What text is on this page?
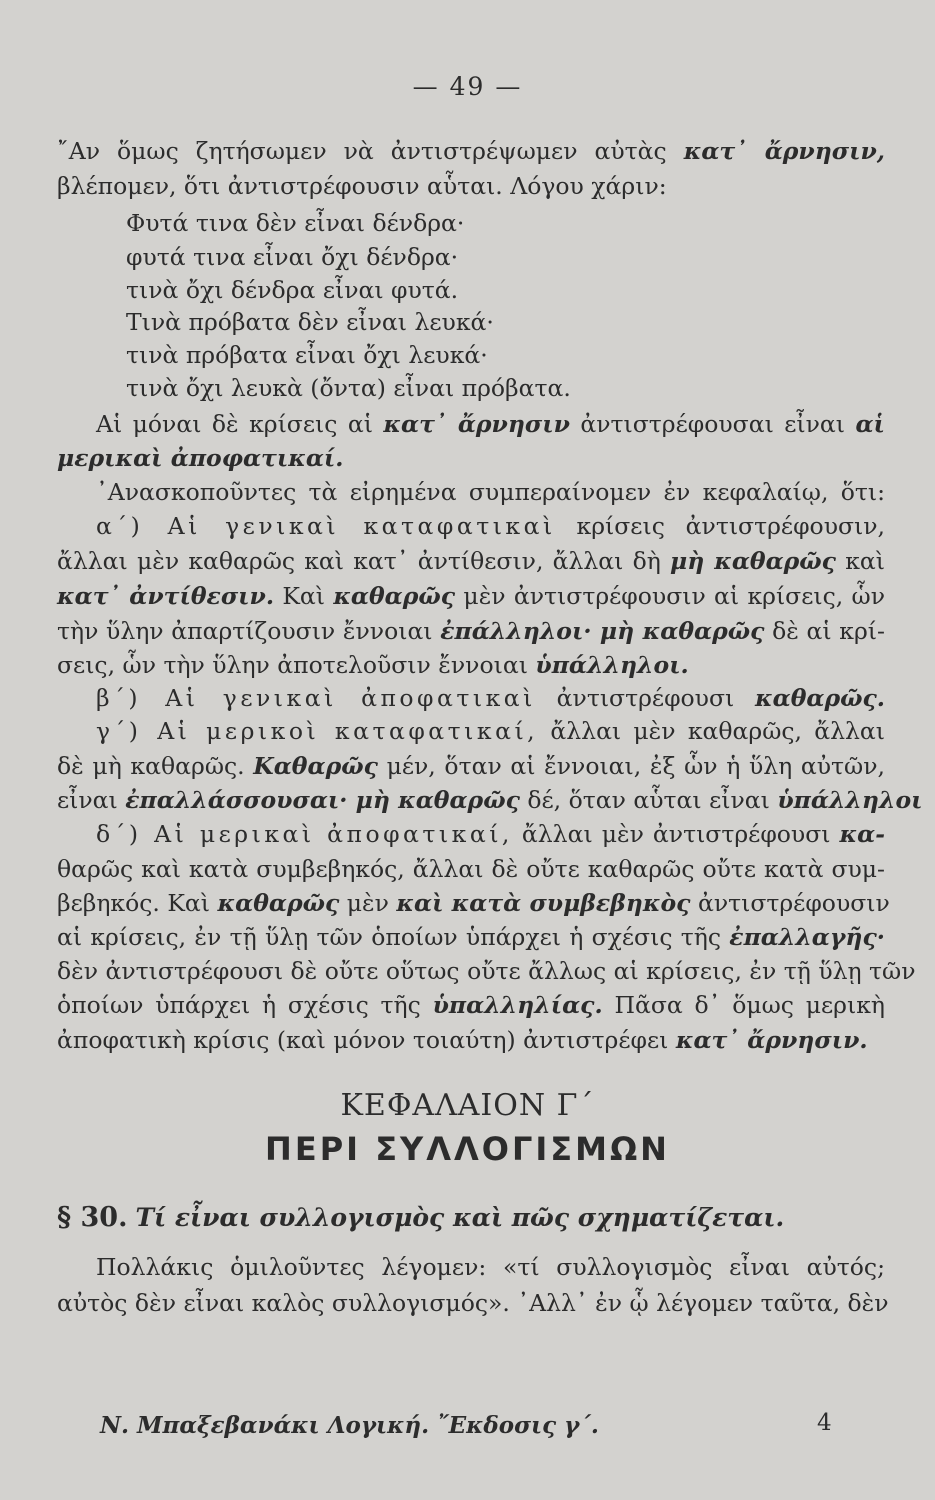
— 49 —
῎Αν ὅμως ζητήσωμεν νὰ ἀντιστρέψωμεν αὐτὰς κατ᾽ ἄρνησιν,
βλέπομεν, ὅτι ἀντιστρέφουσιν αὗται. Λόγου χάριν:
Φυτά τινα δὲν εἶναι δένδρα·
φυτά τινα εἶναι ὄχι δένδρα·
τινὰ ὄχι δένδρα εἶναι φυτά.
Τινὰ πρόβατα δὲν εἶναι λευκά·
τινὰ πρόβατα εἶναι ὄχι λευκά·
τινὰ ὄχι λευκὰ (ὄντα) εἶναι πρόβατα.
Αἱ μόναι δὲ κρίσεις αἱ κατ᾽ ἄρνησιν ἀντιστρέφουσαι εἶναι αἱ
μερικαὶ ἀποφατικαί.
᾽Ανασκοποῦντες τὰ εἰρημένα συμπεραίνομεν ἐν κεφαλαίῳ, ὅτι:
α΄) Αἱ γενικαὶ καταφατικαὶ κρίσεις ἀντιστρέφουσιν,
ἄλλαι μὲν καθαρῶς καὶ κατ᾽ ἀντίθεσιν, ἄλλαι δὴ μὴ καθαρῶς καὶ
κατ᾽ ἀντίθεσιν. Καὶ καθαρῶς μὲν ἀντιστρέφουσιν αἱ κρίσεις, ὧν
τὴν ὕλην ἀπαρτίζουσιν ἔννοιαι ἐπάλληλοι· μὴ καθαρῶς δὲ αἱ κρί-
σεις, ὧν τὴν ὕλην ἀποτελοῦσιν ἔννοιαι ὑπάλληλοι.
β΄) Αἱ γενικαὶ ἀποφατικαὶ ἀντιστρέφουσι καθαρῶς.
γ΄) Αἱ μερικοὶ καταφατικαί, ἄλλαι μὲν καθαρῶς, ἄλλαι
δὲ μὴ καθαρῶς. Καθαρῶς μέν, ὅταν αἱ ἔννοιαι, ἐξ ὧν ἡ ὕλη αὐτῶν,
εἶναι ἐπαλλάσσουσαι· μὴ καθαρῶς δέ, ὅταν αὗται εἶναι ὑπάλληλοι
δ΄) Αἱ μερικαὶ ἀποφατικαί, ἄλλαι μὲν ἀντιστρέφουσι κα-
θαρῶς καὶ κατὰ συμβεβηκός, ἄλλαι δὲ οὔτε καθαρῶς οὔτε κατὰ συμ-
βεβηκός. Καὶ καθαρῶς μὲν καὶ κατὰ συμβεβηκὸς ἀντιστρέφουσιν
αἱ κρίσεις, ἐν τῇ ὕλῃ τῶν ὁποίων ὑπάρχει ἡ σχέσις τῆς ἐπαλλαγῆς·
δὲν ἀντιστρέφουσι δὲ οὔτε οὕτως οὔτε ἄλλως αἱ κρίσεις, ἐν τῇ ὕλῃ τῶν
ὁποίων ὑπάρχει ἡ σχέσις τῆς ὑπαλληλίας. Πᾶσα δ᾽ ὅμως μερικὴ
ἀποφατικὴ κρίσις (καὶ μόνον τοιαύτη) ἀντιστρέφει κατ᾽ ἄρνησιν.
ΚΕΦΑΛΑΙΟΝ Γ΄
ΠΕΡΙ ΣΥΛΛΟΓΙΣΜΩΝ
§ 30. Τί εἶναι συλλογισμὸς καὶ πῶς σχηματίζεται.
Πολλάκις ὁμιλοῦντες λέγομεν: «τί συλλογισμὸς εἶναι αὐτός;
αὐτὸς δὲν εἶναι καλὸς συλλογισμός». ᾽Αλλ᾽ ἐν ᾧ λέγομεν ταῦτα, δὲν
Ν. Μπαξεβανάκι Λογική. ῎Εκδοσις γ΄.	4
